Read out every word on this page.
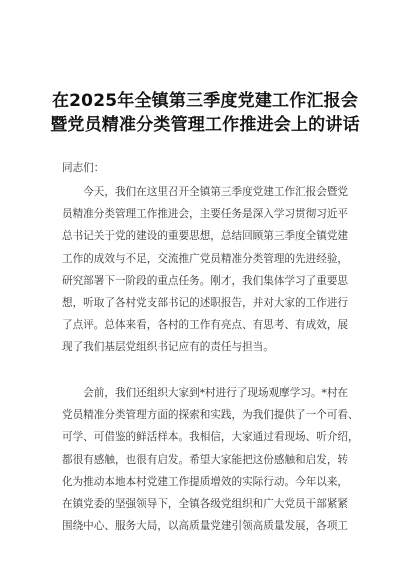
在2025年全镇第三季度党建工作汇报会
暨党员精准分类管理工作推进会上的讲话
同志们：
　　今天，我们在这里召开全镇第三季度党建工作汇报会暨党
员精准分类管理工作推进会，主要任务是深入学习贯彻习近平
总书记关于党的建设的重要思想，总结回顾第三季度全镇党建
工作的成效与不足，交流推广党员精准分类管理的先进经验，
研究部署下一阶段的重点任务。刚才，我们集体学习了重要思
想，听取了各村党支部书记的述职报告，并对大家的工作进行
了点评。总体来看，各村的工作有亮点、有思考、有成效，展
现了我们基层党组织书记应有的责任与担当。
　　会前，我们还组织大家到*村进行了现场观摩学习。*村在
党员精准分类管理方面的探索和实践，为我们提供了一个可看、
可学、可借鉴的鲜活样本。我相信，大家通过看现场、听介绍，
都很有感触，也很有启发。希望大家能把这份感触和启发，转
化为推动本地本村党建工作提质增效的实际行动。今年以来，
在镇党委的坚强领导下，全镇各级党组织和广大党员干部紧紧
围绕中心、服务大局，以高质量党建引领高质量发展，各项工
